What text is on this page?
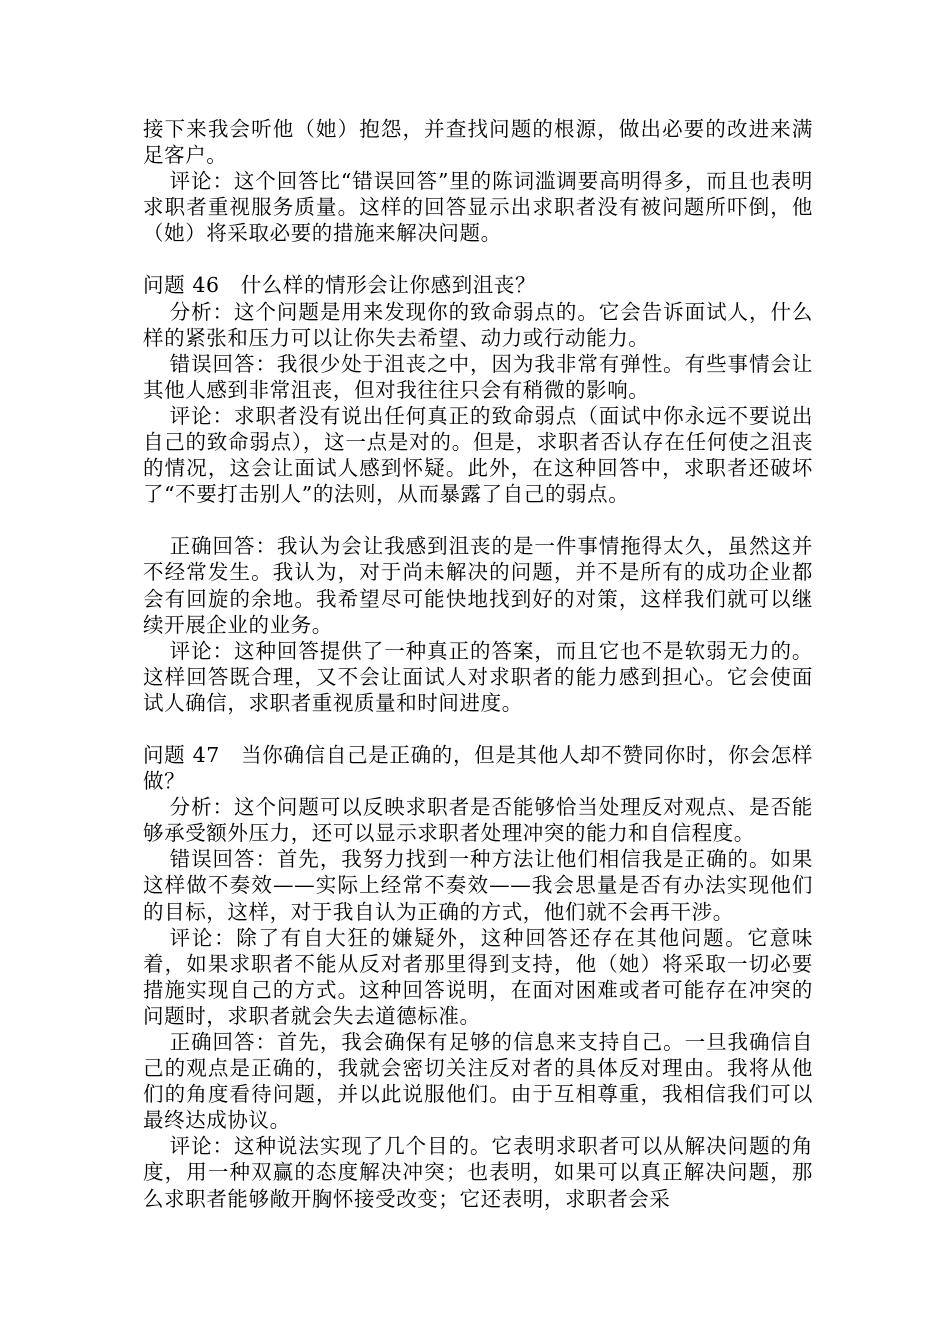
接下来我会听他（她）抱怨，并查找问题的根源，做出必要的改进来满足客户。

评论：这个回答比“错误回答”里的陈词滥调要高明得多，而且也表明求职者重视服务质量。这样的回答显示出求职者没有被问题所吓倒，他（她）将采取必要的措施来解决问题。

问题 46　什么样的情形会让你感到沮丧？

分析：这个问题是用来发现你的致命弱点的。它会告诉面试人，什么样的紧张和压力可以让你失去希望、动力或行动能力。

错误回答：我很少处于沮丧之中，因为我非常有弹性。有些事情会让其他人感到非常沮丧，但对我往往只会有稍微的影响。

评论：求职者没有说出任何真正的致命弱点（面试中你永远不要说出自己的致命弱点），这一点是对的。但是，求职者否认存在任何使之沮丧的情况，这会让面试人感到怀疑。此外，在这种回答中，求职者还破坏了“不要打击别人”的法则，从而暴露了自己的弱点。

正确回答：我认为会让我感到沮丧的是一件事情拖得太久，虽然这并不经常发生。我认为，对于尚未解决的问题，并不是所有的成功企业都会有回旋的余地。我希望尽可能快地找到好的对策，这样我们就可以继续开展企业的业务。

评论：这种回答提供了一种真正的答案，而且它也不是软弱无力的。这样回答既合理，又不会让面试人对求职者的能力感到担心。它会使面试人确信，求职者重视质量和时间进度。

问题 47　当你确信自己是正确的，但是其他人却不赞同你时，你会怎样做？

分析：这个问题可以反映求职者是否能够恰当处理反对观点、是否能够承受额外压力，还可以显示求职者处理冲突的能力和自信程度。

错误回答：首先，我努力找到一种方法让他们相信我是正确的。如果这样做不奏效——实际上经常不奏效——我会思量是否有办法实现他们的目标，这样，对于我自认为正确的方式，他们就不会再干涉。

评论：除了有自大狂的嫌疑外，这种回答还存在其他问题。它意味着，如果求职者不能从反对者那里得到支持，他（她）将采取一切必要措施实现自己的方式。这种回答说明，在面对困难或者可能存在冲突的问题时，求职者就会失去道德标准。

正确回答：首先，我会确保有足够的信息来支持自己。一旦我确信自己的观点是正确的，我就会密切关注反对者的具体反对理由。我将从他们的角度看待问题，并以此说服他们。由于互相尊重，我相信我们可以最终达成协议。

评论：这种说法实现了几个目的。它表明求职者可以从解决问题的角度，用一种双赢的态度解决冲突；也表明，如果可以真正解决问题，那么求职者能够敞开胸怀接受改变；它还表明，求职者会采
